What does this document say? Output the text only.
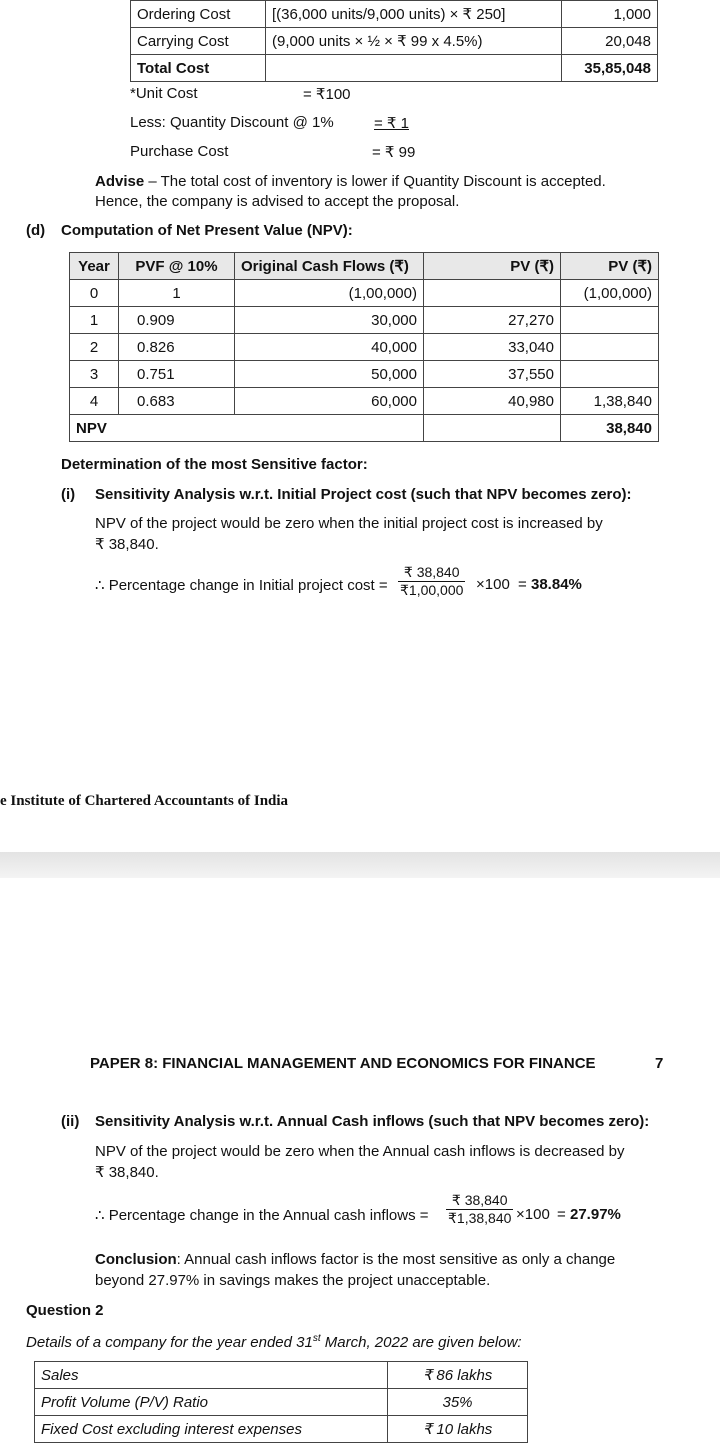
Ordering Cost	[(36,000 units/9,000 units) × ₹ 250]	1,000
Carrying Cost	(9,000 units × ½ × ₹ 99 x 4.5%)	20,048
Total Cost		35,85,048
*Unit Cost	= ₹100
Less: Quantity Discount @ 1%	= ₹ 1
Purchase Cost	= ₹ 99
Advise – The total cost of inventory is lower if Quantity Discount is accepted.
Hence, the company is advised to accept the proposal.
(d) Computation of Net Present Value (NPV):
Year	PVF @ 10%	Original Cash Flows (₹)	PV (₹)	PV (₹)
0	1	(1,00,000)		(1,00,000)
1	0.909	30,000	27,270	
2	0.826	40,000	33,040	
3	0.751	50,000	37,550	
4	0.683	60,000	40,980	1,38,840
NPV				38,840
Determination of the most Sensitive factor:
(i) Sensitivity Analysis w.r.t. Initial Project cost (such that NPV becomes zero):
NPV of the project would be zero when the initial project cost is increased by
₹ 38,840.
∴ Percentage change in Initial project $\cos t = \frac{₹ 38,840}{₹1,00,000} \times 100 = 38.84\%$
e Institute of Chartered Accountants of India
PAPER 8: FINANCIAL MANAGEMENT AND ECONOMICS FOR FINANCE	7
(ii) Sensitivity Analysis w.r.t. Annual Cash inflows (such that NPV becomes zero):
NPV of the project would be zero when the Annual cash inflows is decreased by
₹ 38,840.
∴ Percentage change in the Annual cash inflows = $\frac{₹ 38,840}{₹1,38,840} \times 100 = 27.97\%$
Conclusion: Annual cash inflows factor is the most sensitive as only a change
beyond 27.97% in savings makes the project unacceptable.
Question 2
Details of a company for the year ended 31st March, 2022 are given below:
Sales	₹ 86 lakhs
Profit Volume (P/V) Ratio	35%
Fixed Cost excluding interest expenses	₹ 10 lakhs
